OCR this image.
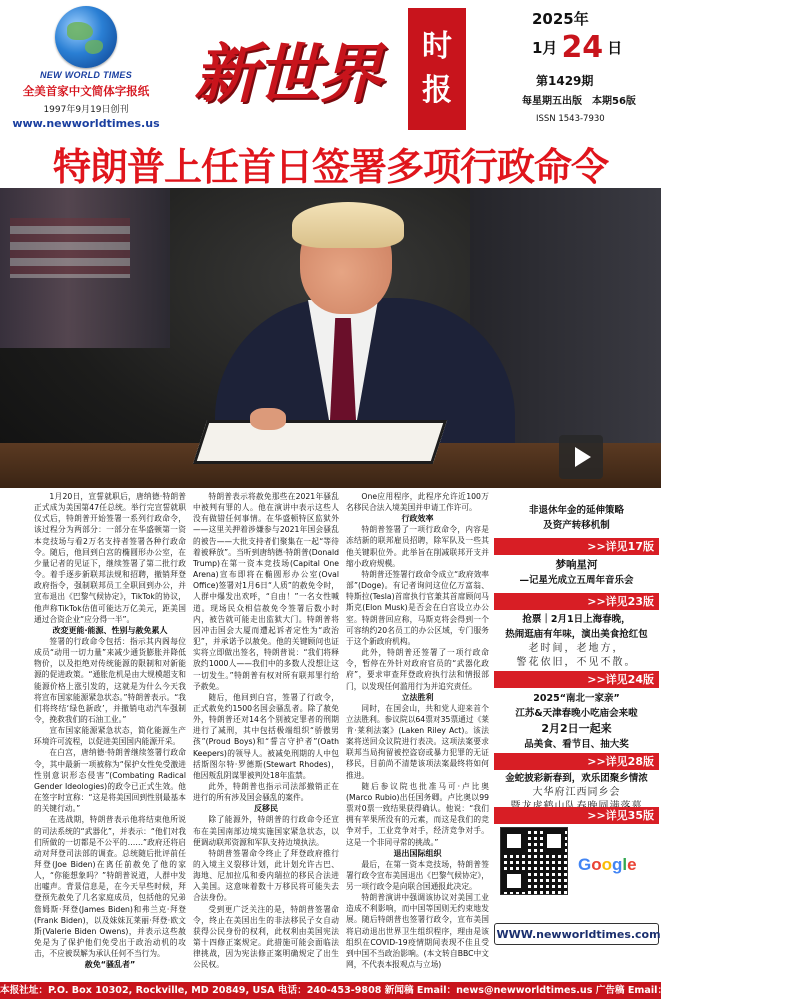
NEW WORLD TIMES
全美首家中文简体字报纸
1997年9月19日创刊
www.newworldtimes.us
新世界 时
报
2025年
1月 24 日
第1429期
每星期五出版　本期56版
ISSN 1543-7930
特朗普上任首日签署多项行政命令

1月20日，宣誓就职后，唐纳德·特朗普正式成为美国第47任总统。举行完宣誓就职仪式后，特朗普开始签署一系列行政命令，该过程分为两部分：一部分在华盛顿第一资本竞技场与看2万名支持者签署各种行政命令。随后，他回到白宫的椭圆形办公室，在少量记者的见证下，继续签署了第二批行政令。着手逐步新联邦法规和招聘，撤销拜登政府指令，强制联邦员工全职回到办公，并宣布退出《巴黎气候协定》，TikTok的协议，他声称TikTok估值可能达万亿美元，距美国通过合资企业“应分得一半”。

改変更能·能源、性别与赦免累人

签署的行政命令包括：指示其内阁每位成员“动用一切力量”来减少通货膨胀并降低物价，以及拒绝对传统能源的限制和对新能源的促进政策。“通胀危机是由大规模超支和能源价格上涨引发的，这就是为什么今天我将宣布国家能源紧急状态。”特朗普表示。“我们将终结‘绿色新政’，并撤销电动汽车强制令，挽救我们的石油工业。”

宣布国家能源紧急状态，简化能源生产环境许可流程，以促进美国国内能源开采。

在白宫，唐纳德·特朗普继续签署行政命令，其中最新一项被称为“保护女性免受激进性别意识形态侵害”(Combating Radical Gender Ideologies)的政令已正式生效。他在签字时宣称：“这是将美国回到性别最基本的关键行动。”

在选战期，特朗普表示他将结束他所说的司法系统的“武器化”，并表示：“他们对我们所做的一切都是不公平的……”政府还将启动对拜登司法部的调查。总统随后批评前任拜登(Joe Biden)在离任前赦免了他的家人，“你能想象吗？”特朗普说道，人群中发出嘘声。背景信息是，在今天早些时候，拜登预先赦免了几名家庭成员，包括他的兄弟詹姆斯·拜登(James Biden)和弗兰克·拜登(Frank Biden)，以及妹妹瓦莱丽·拜登·欧文斯(Valerie Biden Owens)，并表示这些赦免是为了保护他们免受出于政治动机的攻击，不应被误解为承认任何不当行为。

赦免“骚乱者”

特朗普表示将赦免那些在2021年骚乱中被判有罪的人。他在演讲中表示这些人没有做错任何事情。在华盛顿特区监狱外——这里关押着涉嫌参与2021年国会骚乱的被告——大批支持者们聚集在一起“等待着被释放”。当听到唐纳德·特朗普(Donald Trump)在第一资本竞技场(Capital One Arena)宣布即将在椭圆形办公室(Oval Office)签署对1月6日“人质”的赦免令时，人群中爆发出欢呼，“自由！”一名女性喊道。现场民众相信赦免令签署后数小时内，被告就可能走出监狱大门。特朗普将因冲击国会大厦而遭起诉者定性为“政治犯”，并承诺予以赦免。他的关键顾问也证实将立即做出签名，特朗普说：“我们将释放约1000人——我们中的多数人没想让这一切发生。”特朗普有权对所有联邦罪行给予赦免。

随后，他回到白宫，签署了行政令，正式赦免约1500名国会骚乱者。除了赦免外，特朗普还对14名个别被定罪者的刑期进行了减刑，其中包括极端组织“骄傲男孩”(Proud Boys)和“誓言守护者”(Oath Keepers)的领导人。被减免刑期的人中包括斯图尔特·罗德斯(Stewart Rhodes)，他因叛乱阴谋罪被判处18年监禁。

此外，特朗普也指示司法部撤销正在进行的所有涉及国会骚乱的案件。

反移民

除了能源外，特朗普的行政命令还宣布在美国南部边境实施国家紧急状态，以便调动联邦资源和军队支持边境执法。

特朗普签署命令终止了拜登政府推行的入境主义裂移计划，此计划允许古巴、海地、尼加拉瓜和委内瑞拉的移民合法进入美国。这意味着数十万移民将可能失去合法身份。

受到更广泛关注的是，特朗普签署命令，终止在美国出生的非法移民子女自动获得公民身份的权利，此权利由美国宪法第十四修正案规定。此措施可能会面临法律挑战，因为宪法修正案明确规定了出生公民权。

One应用程序，此程序允许近100万名移民合法入境美国并申请工作许可。

行政效率

特朗普签署了一项行政命令，内容是冻结新的联邦雇员招聘，除军队及一些其他关键职位外。此举旨在削减联邦开支并缩小政府规模。

特朗普还签署行政命令成立“政府效率部”(Doge)。有记者询问这位亿万富翁、特斯拉(Tesla)首席执行官兼其首席顾问马斯克(Elon Musk)是否会在白宫设立办公室。特朗普回应称，马斯克将会得到一个可容纳约20名员工的办公区域，专门服务于这个新政府机构。

此外，特朗普还签署了一项行政命令，暂停在外针对政府官员的“武器化政府”，要求审查拜登政府执行法和情报部门，以发现任何滥用行为并追究责任。

立法胜利

同时，在国会山，共和党人迎来首个立法胜利。参议院以64票对35票通过《莱肯·莱利法案》(Laken Riley Act)。该法案将送回众议院进行表决。这项法案要求联邦当局拘留被控盗窃或暴力犯罪的无证移民，目前尚不清楚该项法案最终将如何推进。

随后参议院也批准马可·卢比奥(Marco Rubio)出任国务卿。卢比奥以99票对0票一致结果获得确认。他说：“我们拥有苹果所没有的元素，而这是我们的竞争对手，工业竞争对手，经济竞争对手。这是一个非同寻常的挑战。”

退出国际组织

最后，在第一资本竞技场，特朗普签署行政令宣布美国退出《巴黎气候协定》，另一项行政令是向联合国通报此决定。

特朗普演讲中强调该协议对美国工业造成不利影响，而中国等国则无约束地发展。随后特朗普也签署行政令，宣布美国将启动退出世界卫生组织程序，理由是该组织在COVID-19疫情期间表现不佳且受到中国不当政治影响。(本文转自BBC中文网，不代表本报观点与立场)

非退休年金的延伸策略
及资产转移机制
>>详见17版
梦响星河
—记星光成立五周年音乐会
>>详见23版
抢票｜2月1日上海春晚，
热闹逛庙有年味，演出美食抢红包
老时间，老地方，
警花依旧，不见不散。
>>详见24版
2025“南北一家亲”
江苏&天津春晚小吃庙会来啦
2月2日一起来
品美食、看节目、抽大奖
>>详见28版
金蛇披彩新春到，欢乐团聚乡情浓
大华府江西同乡会
>>详见35版
Google
WWW.newworldtimes.com
本报社址：P.O. Box 10302, Rockville, MD 20849, USA 电话：240-453-9808 新闻稿 Email：news@newworldtimes.us 广告稿 Email：ad@newworldtimes.us
